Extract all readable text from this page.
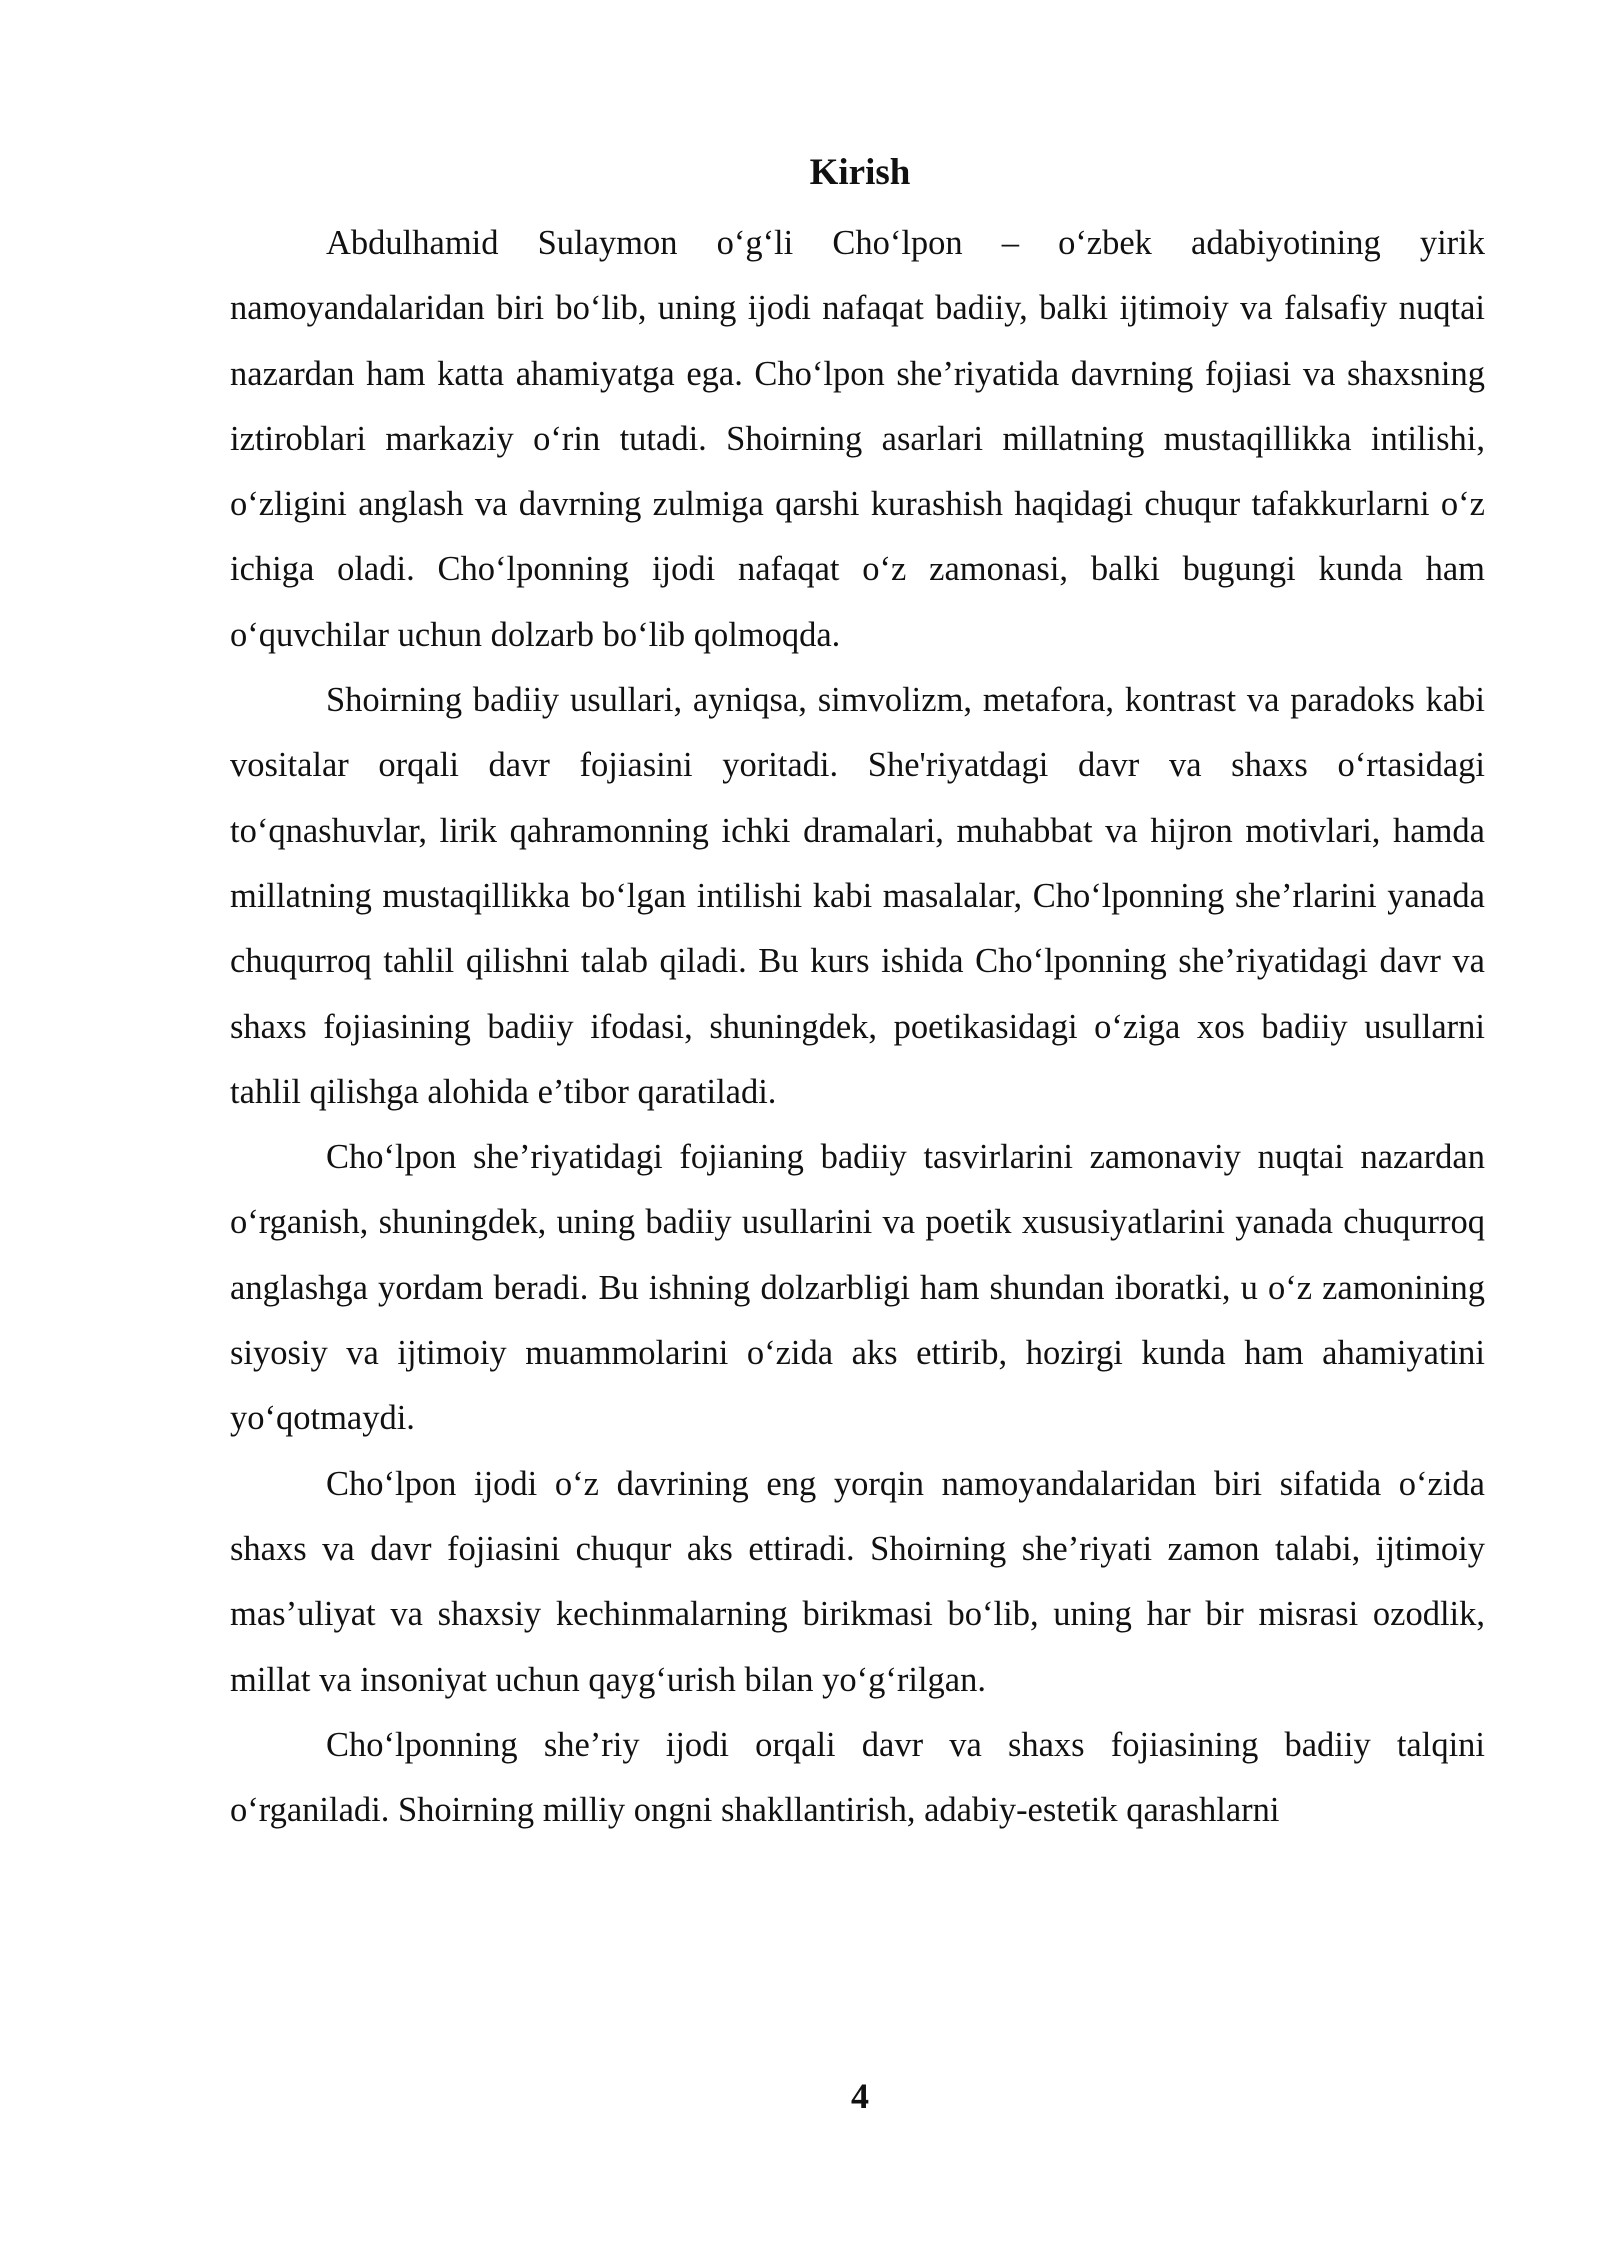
Kirish

Abdulhamid Sulaymon o‘g‘li Cho‘lpon – o‘zbek adabiyotining yirik namoyandalaridan biri bo‘lib, uning ijodi nafaqat badiiy, balki ijtimoiy va falsafiy nuqtai nazardan ham katta ahamiyatga ega. Cho‘lpon she’riyatida davrning fojiasi va shaxsning iztiroblari markaziy o‘rin tutadi. Shoirning asarlari millatning mustaqillikka intilishi, o‘zligini anglash va davrning zulmiga qarshi kurashish haqidagi chuqur tafakkurlarni o‘z ichiga oladi. Cho‘lponning ijodi nafaqat o‘z zamonasi, balki bugungi kunda ham o‘quvchilar uchun dolzarb bo‘lib qolmoqda.

Shoirning badiiy usullari, ayniqsa, simvolizm, metafora, kontrast va paradoks kabi vositalar orqali davr fojiasini yoritadi. She'riyatdagi davr va shaxs o‘rtasidagi to‘qnashuvlar, lirik qahramonning ichki dramalari, muhabbat va hijron motivlari, hamda millatning mustaqillikka bo‘lgan intilishi kabi masalalar, Cho‘lponning she’rlarini yanada chuqurroq tahlil qilishni talab qiladi. Bu kurs ishida Cho‘lponning she’riyatidagi davr va shaxs fojiasining badiiy ifodasi, shuningdek, poetikasidagi o‘ziga xos badiiy usullarni tahlil qilishga alohida e’tibor qaratiladi.

Cho‘lpon she’riyatidagi fojianing badiiy tasvirlarini zamonaviy nuqtai nazardan o‘rganish, shuningdek, uning badiiy usullarini va poetik xususiyatlarini yanada chuqurroq anglashga yordam beradi. Bu ishning dolzarbligi ham shundan iboratki, u o‘z zamonining siyosiy va ijtimoiy muammolarini o‘zida aks ettirib, hozirgi kunda ham ahamiyatini yo‘qotmaydi.

Cho‘lpon ijodi o‘z davrining eng yorqin namoyandalaridan biri sifatida o‘zida shaxs va davr fojiasini chuqur aks ettiradi. Shoirning she’riyati zamon talabi, ijtimoiy mas’uliyat va shaxsiy kechinmalarning birikmasi bo‘lib, uning har bir misrasi ozodlik, millat va insoniyat uchun qayg‘urish bilan yo‘g‘rilgan.

Cho‘lponning she’riy ijodi orqali davr va shaxs fojiasining badiiy talqini o‘rganiladi. Shoirning milliy ongni shakllantirish, adabiy-estetik qarashlarni

4
